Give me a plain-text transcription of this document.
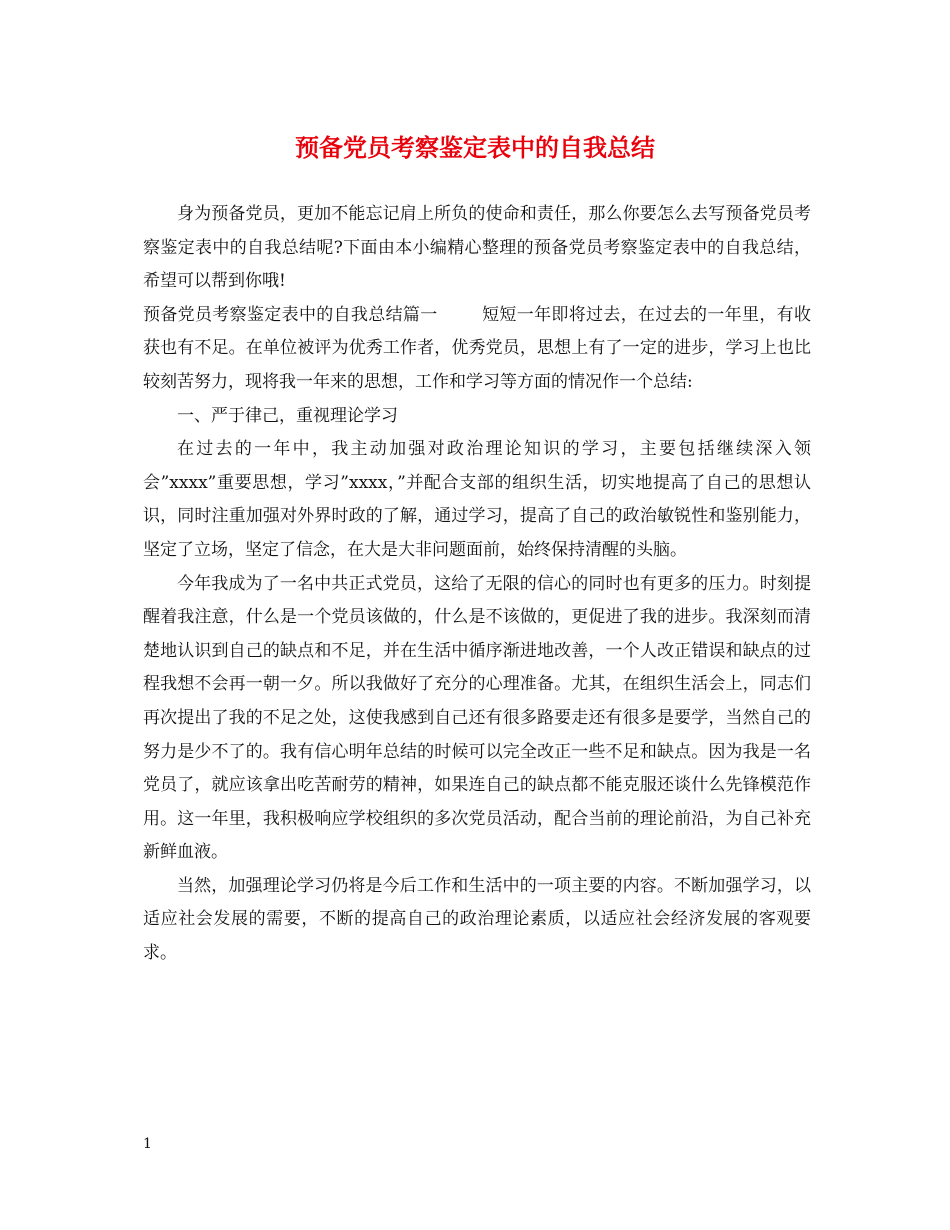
预备党员考察鉴定表中的自我总结

身为预备党员，更加不能忘记肩上所负的使命和责任，那么你要怎么去写预备党员考察鉴定表中的自我总结呢?下面由本小编精心整理的预备党员考察鉴定表中的自我总结，希望可以帮到你哦!

预备党员考察鉴定表中的自我总结篇一	短短一年即将过去，在过去的一年里，有收获也有不足。在单位被评为优秀工作者，优秀党员，思想上有了一定的进步，学习上也比较刻苦努力，现将我一年来的思想，工作和学习等方面的情况作一个总结:

一、严于律己，重视理论学习

在过去的一年中，我主动加强对政治理论知识的学习，主要包括继续深入领会”xxxx”重要思想，学习”xxxx，”并配合支部的组织生活，切实地提高了自己的思想认识，同时注重加强对外界时政的了解，通过学习，提高了自己的政治敏锐性和鉴别能力，坚定了立场，坚定了信念，在大是大非问题面前，始终保持清醒的头脑。

今年我成为了一名中共正式党员，这给了无限的信心的同时也有更多的压力。时刻提醒着我注意，什么是一个党员该做的，什么是不该做的，更促进了我的进步。我深刻而清楚地认识到自己的缺点和不足，并在生活中循序渐进地改善，一个人改正错误和缺点的过程我想不会再一朝一夕。所以我做好了充分的心理准备。尤其，在组织生活会上，同志们再次提出了我的不足之处，这使我感到自己还有很多路要走还有很多是要学，当然自己的努力是少不了的。我有信心明年总结的时候可以完全改正一些不足和缺点。因为我是一名党员了，就应该拿出吃苦耐劳的精神，如果连自己的缺点都不能克服还谈什么先锋模范作用。这一年里，我积极响应学校组织的多次党员活动，配合当前的理论前沿，为自己补充新鲜血液。

当然，加强理论学习仍将是今后工作和生活中的一项主要的内容。不断加强学习，以适应社会发展的需要，不断的提高自己的政治理论素质，以适应社会经济发展的客观要求。

1
